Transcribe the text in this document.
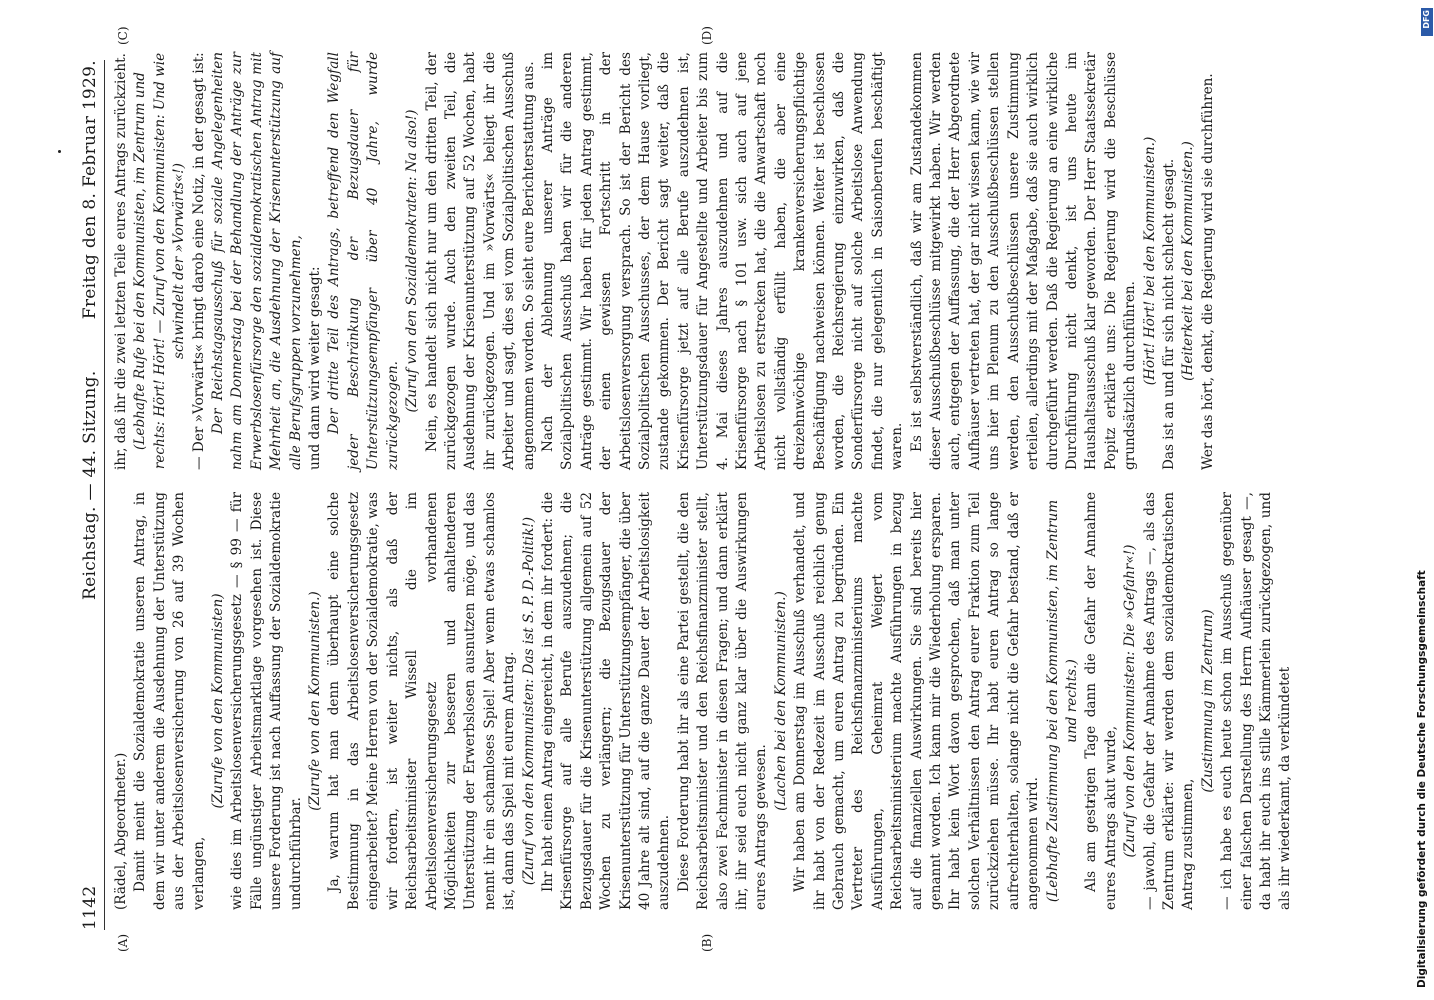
DFG
Digitalisierung gefördert durch die Deutsche Forschungsgemeinschaft
1142
Reichstag. — 44. Sitzung.
Freitag den 8. Februar 1929.
(A)	(B)
(C)	(D)

(Rädel, Abgeordneter.) Damit meint die Sozialdemokratie unseren Antrag, in dem wir unter anderem die Ausdehnung der Unterstützung aus der Arbeitslosenversicherung von 26 auf 39 Wochen verlangen,

(Zurufe von den Kommunisten) wie dies im Arbeitslosenversicherungsgesetz — § 99 — für Fälle ungünstiger Arbeitsmarktlage vorgesehen ist. Diese unsere Forderung ist nach Auffassung der Sozialdemokratie undurchführbar.

(Zurufe von den Kommunisten.) Ja, warum hat man denn überhaupt eine solche Bestimmung in das Arbeitslosenversicherungsgesetz eingearbeitet? Meine Herren von der Sozialdemokratie, was wir fordern, ist weiter nichts, als daß der Reichsarbeitsminister Wissell die im Arbeitslosenversicherungsgesetz vorhandenen Möglichkeiten zur besseren und anhaltenderen Unterstützung der Erwerbslosen ausnutzen möge, und das nennt ihr ein schamloses Spiel! Aber wenn etwas schamlos ist, dann das Spiel mit eurem Antrag. (Zuruf von den Kommunisten: Das ist S. P. D.-Politik!) Ihr habt einen Antrag eingereicht, in dem ihr fordert: die Krisenfürsorge auf alle Berufe auszudehnen; die Bezugsdauer für die Krisenunterstützung allgemein auf 52 Wochen zu verlängern; die Bezugsdauer der Krisenunterstützung für Unterstützungsempfänger, die über 40 Jahre alt sind, auf die ganze Dauer der Arbeitslosigkeit auszudehnen. Diese Forderung habt ihr als eine Partei gestellt, die den Reichsarbeitsminister und den Reichsfinanzminister stellt, also zwei Fachminister in diesen Fragen; und dann erklärt ihr, ihr seid euch nicht ganz klar über die Auswirkungen eures Antrags gewesen.

(Lachen bei den Kommunisten.) Wir haben am Donnerstag im Ausschuß verhandelt, und ihr habt von der Redezeit im Ausschuß reichlich genug Gebrauch gemacht, um euren Antrag zu begründen. Ein Vertreter des Reichsfinanzministeriums machte Ausführungen, Geheimrat Weigert vom Reichsarbeitsministerium machte Ausführungen in bezug auf die finanziellen Auswirkungen. Sie sind bereits hier genannt worden. Ich kann mir die Wiederholung ersparen. Ihr habt kein Wort davon gesprochen, daß man unter solchen Verhältnissen den Antrag eurer Fraktion zum Teil zurückziehen müsse. Ihr habt euren Antrag so lange aufrechterhalten, solange nicht die Gefahr bestand, daß er angenommen wird. (Lebhafte Zustimmung bei den Kommunisten, im Zentrum und rechts.) Als am gestrigen Tage dann die Gefahr der Annahme eures Antrags akut wurde, (Zuruf von den Kommunisten: Die »Gefahr«!) — jawohl, die Gefahr der Annahme des Antrags —, als das Zentrum erklärte: wir werden dem sozialdemokratischen Antrag zustimmen,

(Zustimmung im Zentrum) — ich habe es euch heute schon im Ausschuß gegenüber einer falschen Darstellung des Herrn Aufhäuser gesagt —, da habt ihr euch ins stille Kämmerlein zurückgezogen, und als ihr wiederkamt, da verkündetet

ihr, daß ihr die zwei letzten Teile eures Antrags zurückzieht. (Lebhafte Rufe bei den Kommunisten, im Zentrum und rechts: Hört! Hört! — Zuruf von den Kommunisten: Und wie schwindelt der »Vorwärts«!) — Der »Vorwärts« bringt darob eine Notiz, in der gesagt ist: Der Reichstagsausschuß für soziale Angelegenheiten nahm am Donnerstag bei der Behandlung der Anträge zur Erwerbslosenfürsorge den sozialdemokratischen Antrag mit Mehrheit an, die Ausdehnung der Krisenunterstützung auf alle Berufsgruppen vorzunehmen, und dann wird weiter gesagt: Der dritte Teil des Antrags, betreffend den Wegfall jeder Beschränkung der Bezugsdauer für Unterstützungsempfänger über 40 Jahre, wurde zurückgezogen.

(Zuruf von den Sozialdemokraten: Na also!) Nein, es handelt sich nicht nur um den dritten Teil, der zurückgezogen wurde. Auch den zweiten Teil, die Ausdehnung der Krisenunterstützung auf 52 Wochen, habt ihr zurückgezogen. Und im »Vorwärts« beliegt ihr die Arbeiter und sagt, dies sei vom Sozialpolitischen Ausschuß angenommen worden. So sieht eure Berichterstattung aus. Nach der Ablehnung unserer Anträge im Sozialpolitischen Ausschuß haben wir für die anderen Anträge gestimmt. Wir haben für jeden Antrag gestimmt, der einen gewissen Fortschritt in der Arbeitslosenversorgung versprach. So ist der Bericht des Sozialpolitischen Ausschusses, der dem Hause vorliegt, zustande gekommen. Der Bericht sagt weiter, daß die Krisenfürsorge jetzt auf alle Berufe auszudehnen ist, Unterstützungsdauer für Angestellte und Arbeiter bis zum 4. Mai dieses Jahres auszudehnen und auf die Krisenfürsorge nach § 101 usw. sich auch auf jene Arbeitslosen zu erstrecken hat, die die Anwartschaft noch nicht vollständig erfüllt haben, die aber eine dreizehnwöchige krankenversicherungspflichtige Beschäftigung nachweisen können. Weiter ist beschlossen worden, die Reichsregierung einzuwirken, daß die Sonderfürsorge nicht auf solche Arbeitslose Anwendung findet, die nur gelegentlich in Saisonberufen beschäftigt waren. Es ist selbstverständlich, daß wir am Zustandekommen dieser Ausschußbeschlüsse mitgewirkt haben. Wir werden auch, entgegen der Auffassung, die der Herr Abgeordnete Aufhäuser vertreten hat, der gar nicht wissen kann, wie wir uns hier im Plenum zu den Ausschußbeschlüssen stellen werden, den Ausschußbeschlüssen unsere Zustimmung erteilen, allerdings mit der Maßgabe, daß sie auch wirklich durchgeführt werden. Daß die Regierung an eine wirkliche Durchführung nicht denkt, ist uns heute im Haushaltsausschuß klar geworden. Der Herr Staatssekretär Popitz erklärte uns: Die Regierung wird die Beschlüsse grundsätzlich durchführen. (Hört! Hört! bei den Kommunisten.) Das ist an und für sich nicht schlecht gesagt. (Heiterkeit bei den Kommunisten.) Wer das hört, denkt, die Regierung wird sie durchführen.
